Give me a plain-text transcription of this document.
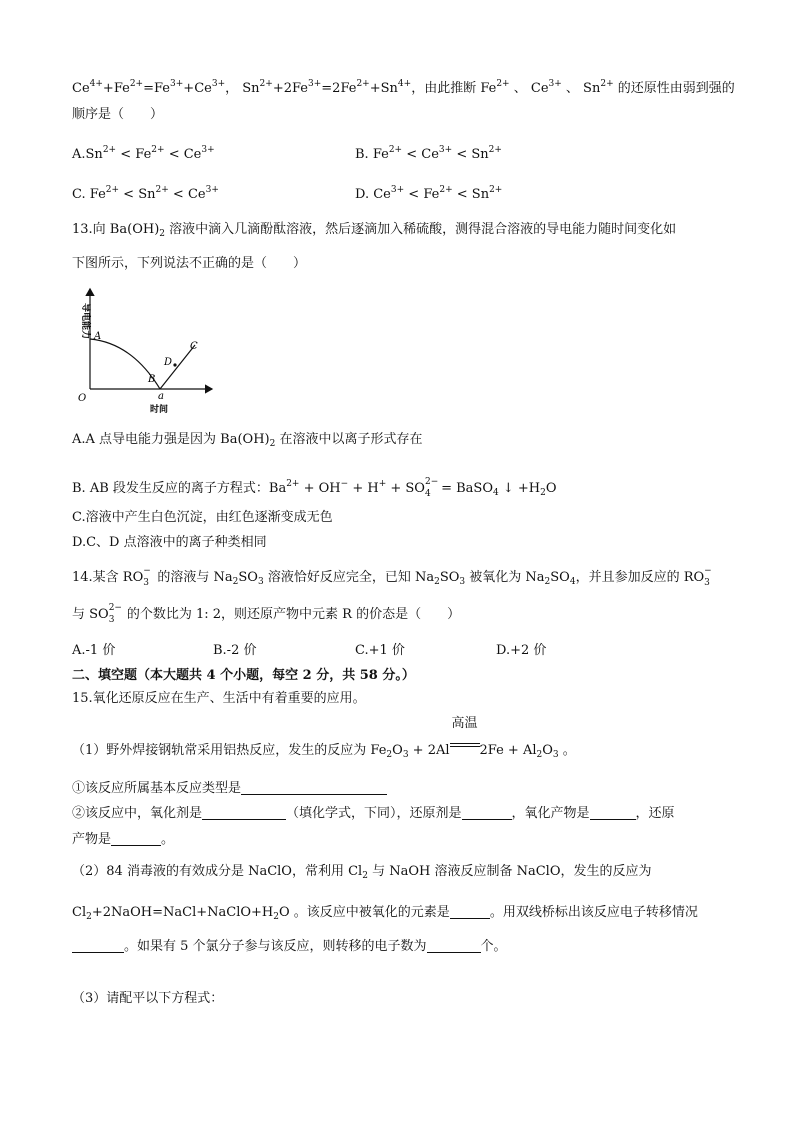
$Ce^{4+}+Fe^{2+}=Fe^{3+}+Ce^{3+}$， $Sn^{2+}+2Fe^{3+}=2Fe^{2+}+Sn^{4+}$，由此推断 $Fe^{2+}$ 、 $Ce^{3+}$ 、 $Sn^{2+}$ 的还原性由弱到强的
顺序是（　　）
$A.Sn^{2+} < Fe^{2+} < Ce^{3+}$	B. $Fe^{2+} < Ce^{3+} < Sn^{2+}$
C. $Fe^{2+} < Sn^{2+} < Ce^{3+}$	D. $Ce^{3+} < Fe^{2+} < Sn^{2+}$
13.向 $Ba(OH)_2$ 溶液中滴入几滴酚酞溶液，然后逐滴加入稀硫酸，测得混合溶液的导电能力随时间变化如
下图所示，下列说法不正确的是（　　）
导电能力 A
B
D
C
a
O
时间
A.A 点导电能力强是因为 $Ba(OH)_2$ 在溶液中以离子形式存在
B. AB 段发生反应的离子方程式：$Ba^{2+} + OH^- + H^+$ + SO 2−
4 = BaSO$_4$ ↓ $+H_2O$
C.溶液中产生白色沉淀，由红色逐渐变成无色
D.C、D 点溶液中的离子种类相同
14.某含 RO −
3 的溶液与 $Na_2SO_3$ 溶液恰好反应完全，已知 $Na_2SO_3$ 被氧化为 $Na_2SO_4$，并且参加反应的 RO −
3

与 SO 2−
3 的个数比为 1: 2，则还原产物中元素 R 的价态是（　　）
A.-1 价	B.-2 价	C.+1 价	D.+2 价
二、填空题（本大题共 4 个小题，每空 2 分，共 58 分。）
15.氧化还原反应在生产、生活中有着重要的应用。
（1）野外焊接钢轨常采用铝热反应，发生的反应为 $Fe_2O_3 + 2Al$
高温
$2Fe + Al_2O_3$ 。
①该反应所属基本反应类型是
②该反应中，氧化剂是	（填化学式，下同），还原剂是	，氧化产物是	，还原
产物是	。
（2）84 消毒液的有效成分是 NaClO，常利用 $Cl_2$ 与 NaOH 溶液反应制备 NaClO，发生的反应为
$Cl_2+2NaOH=NaCl+NaClO+H_2O$ 。该反应中被氧化的元素是	。用双线桥标出该反应电子转移情况
。如果有 5 个氯分子参与该反应，则转移的电子数为	个。
（3）请配平以下方程式：
